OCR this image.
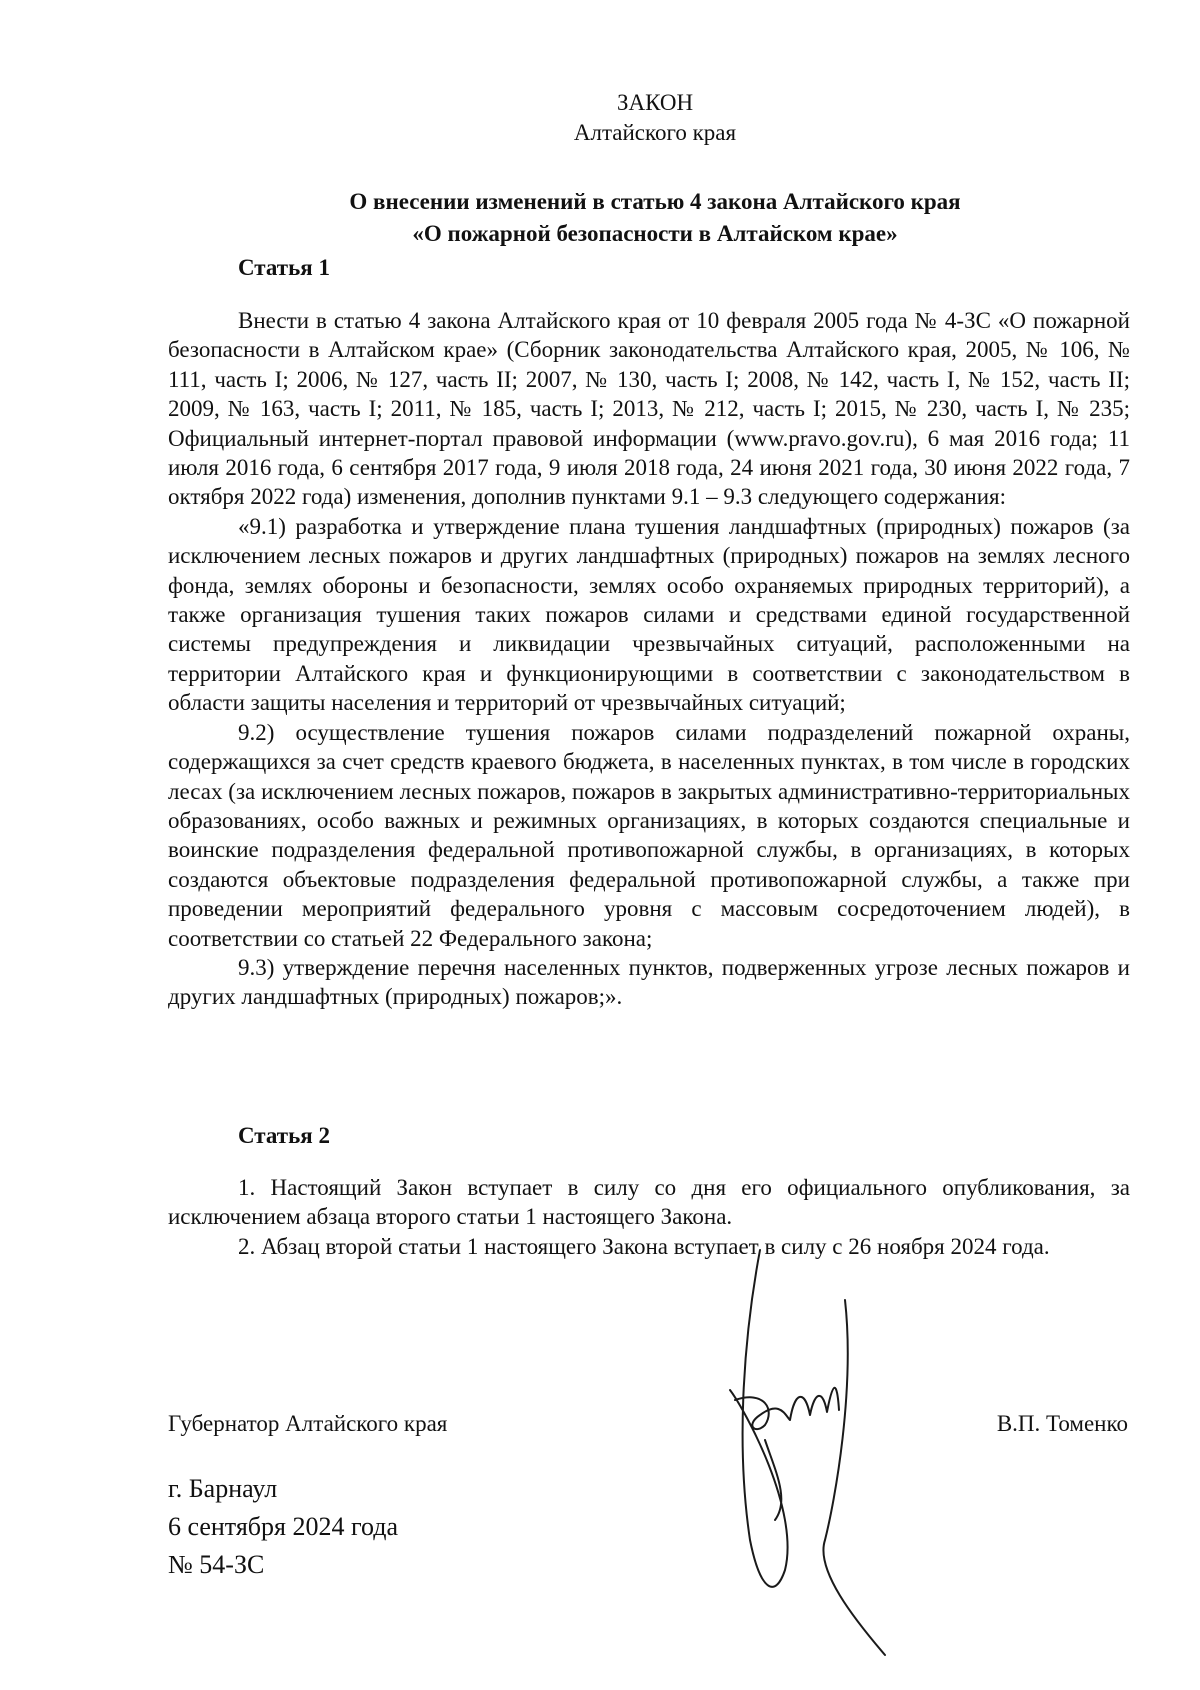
ЗАКОН
Алтайского края
О внесении изменений в статью 4 закона Алтайского края
«О пожарной безопасности в Алтайском крае»
Статья 1

Внести в статью 4 закона Алтайского края от 10 февраля 2005 года № 4-ЗС «О пожарной безопасности в Алтайском крае» (Сборник законодательства Алтайского края, 2005, № 106, № 111, часть I; 2006, № 127, часть II; 2007, № 130, часть I; 2008, № 142, часть I, № 152, часть II; 2009, № 163, часть I; 2011, № 185, часть I; 2013, № 212, часть I; 2015, № 230, часть I, № 235; Официальный интернет-портал правовой информации (www.pravo.gov.ru), 6 мая 2016 года; 11 июля 2016 года, 6 сентября 2017 года, 9 июля 2018 года, 24 июня 2021 года, 30 июня 2022 года, 7 октября 2022 года) изменения, дополнив пунктами 9.1 – 9.3 следующего содержания:

«9.1) разработка и утверждение плана тушения ландшафтных (природных) пожаров (за исключением лесных пожаров и других ландшафтных (природных) пожаров на землях лесного фонда, землях обороны и безопасности, землях особо охраняемых природных территорий), а также организация тушения таких пожаров силами и средствами единой государственной системы предупреждения и ликвидации чрезвычайных ситуаций, расположенными на территории Алтайского края и функционирующими в соответствии с законодательством в области защиты населения и территорий от чрезвычайных ситуаций;

9.2) осуществление тушения пожаров силами подразделений пожарной охраны, содержащихся за счет средств краевого бюджета, в населенных пунктах, в том числе в городских лесах (за исключением лесных пожаров, пожаров в закрытых административно-территориальных образованиях, особо важных и режимных организациях, в которых создаются специальные и воинские подразделения федеральной противопожарной службы, в организациях, в которых создаются объектовые подразделения федеральной противопожарной службы, а также при проведении мероприятий федерального уровня с массовым сосредоточением людей), в соответствии со статьей 22 Федерального закона;

9.3) утверждение перечня населенных пунктов, подверженных угрозе лесных пожаров и других ландшафтных (природных) пожаров;».

Статья 2

1. Настоящий Закон вступает в силу со дня его официального опубликования, за исключением абзаца второго статьи 1 настоящего Закона.

2. Абзац второй статьи 1 настоящего Закона вступает в силу с 26 ноября 2024 года.

Губернатор Алтайского края	В.П. Томенко
г. Барнаул
6 сентября 2024 года
№ 54-ЗС
